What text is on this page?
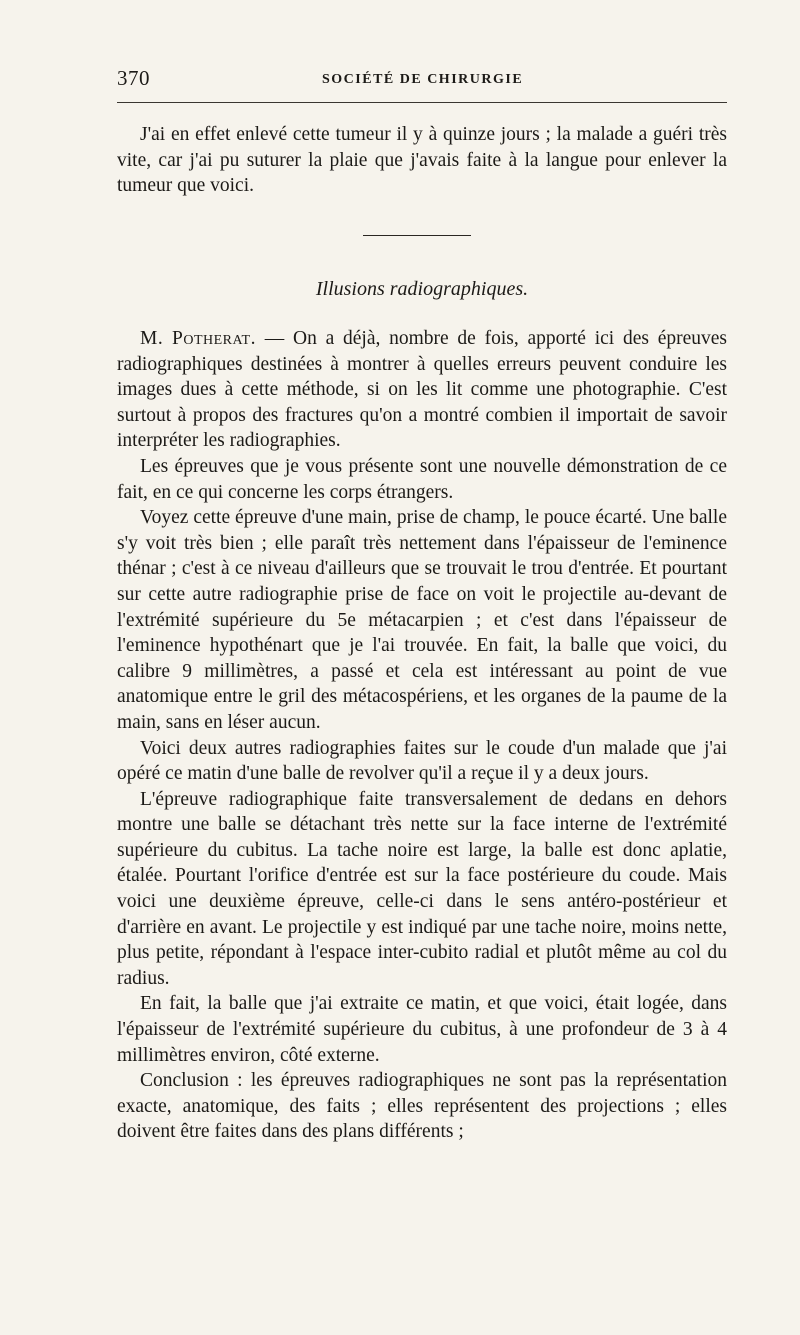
370	SOCIÉTÉ DE CHIRURGIE

J'ai en effet enlevé cette tumeur il y à quinze jours ; la malade a guéri très vite, car j'ai pu suturer la plaie que j'avais faite à la langue pour enlever la tumeur que voici.

Illusions radiographiques.

M. Potherat. — On a déjà, nombre de fois, apporté ici des épreuves radiographiques destinées à montrer à quelles erreurs peuvent conduire les images dues à cette méthode, si on les lit comme une photographie. C'est surtout à propos des fractures qu'on a montré combien il importait de savoir interpréter les radiographies.

Les épreuves que je vous présente sont une nouvelle démonstration de ce fait, en ce qui concerne les corps étrangers.

Voyez cette épreuve d'une main, prise de champ, le pouce écarté. Une balle s'y voit très bien ; elle paraît très nettement dans l'épaisseur de l'eminence thénar ; c'est à ce niveau d'ailleurs que se trouvait le trou d'entrée. Et pourtant sur cette autre radiographie prise de face on voit le projectile au-devant de l'extrémité supérieure du 5e métacarpien ; et c'est dans l'épaisseur de l'eminence hypothénart que je l'ai trouvée. En fait, la balle que voici, du calibre 9 millimètres, a passé et cela est intéressant au point de vue anatomique entre le gril des métacospériens, et les organes de la paume de la main, sans en léser aucun.

Voici deux autres radiographies faites sur le coude d'un malade que j'ai opéré ce matin d'une balle de revolver qu'il a reçue il y a deux jours.

L'épreuve radiographique faite transversalement de dedans en dehors montre une balle se détachant très nette sur la face interne de l'extrémité supérieure du cubitus. La tache noire est large, la balle est donc aplatie, étalée. Pourtant l'orifice d'entrée est sur la face postérieure du coude. Mais voici une deuxième épreuve, celle-ci dans le sens antéro-postérieur et d'arrière en avant. Le projectile y est indiqué par une tache noire, moins nette, plus petite, répondant à l'espace inter-cubito radial et plutôt même au col du radius.

En fait, la balle que j'ai extraite ce matin, et que voici, était logée, dans l'épaisseur de l'extrémité supérieure du cubitus, à une profondeur de 3 à 4 millimètres environ, côté externe.

Conclusion : les épreuves radiographiques ne sont pas la représentation exacte, anatomique, des faits ; elles représentent des projections ; elles doivent être faites dans des plans différents ;
